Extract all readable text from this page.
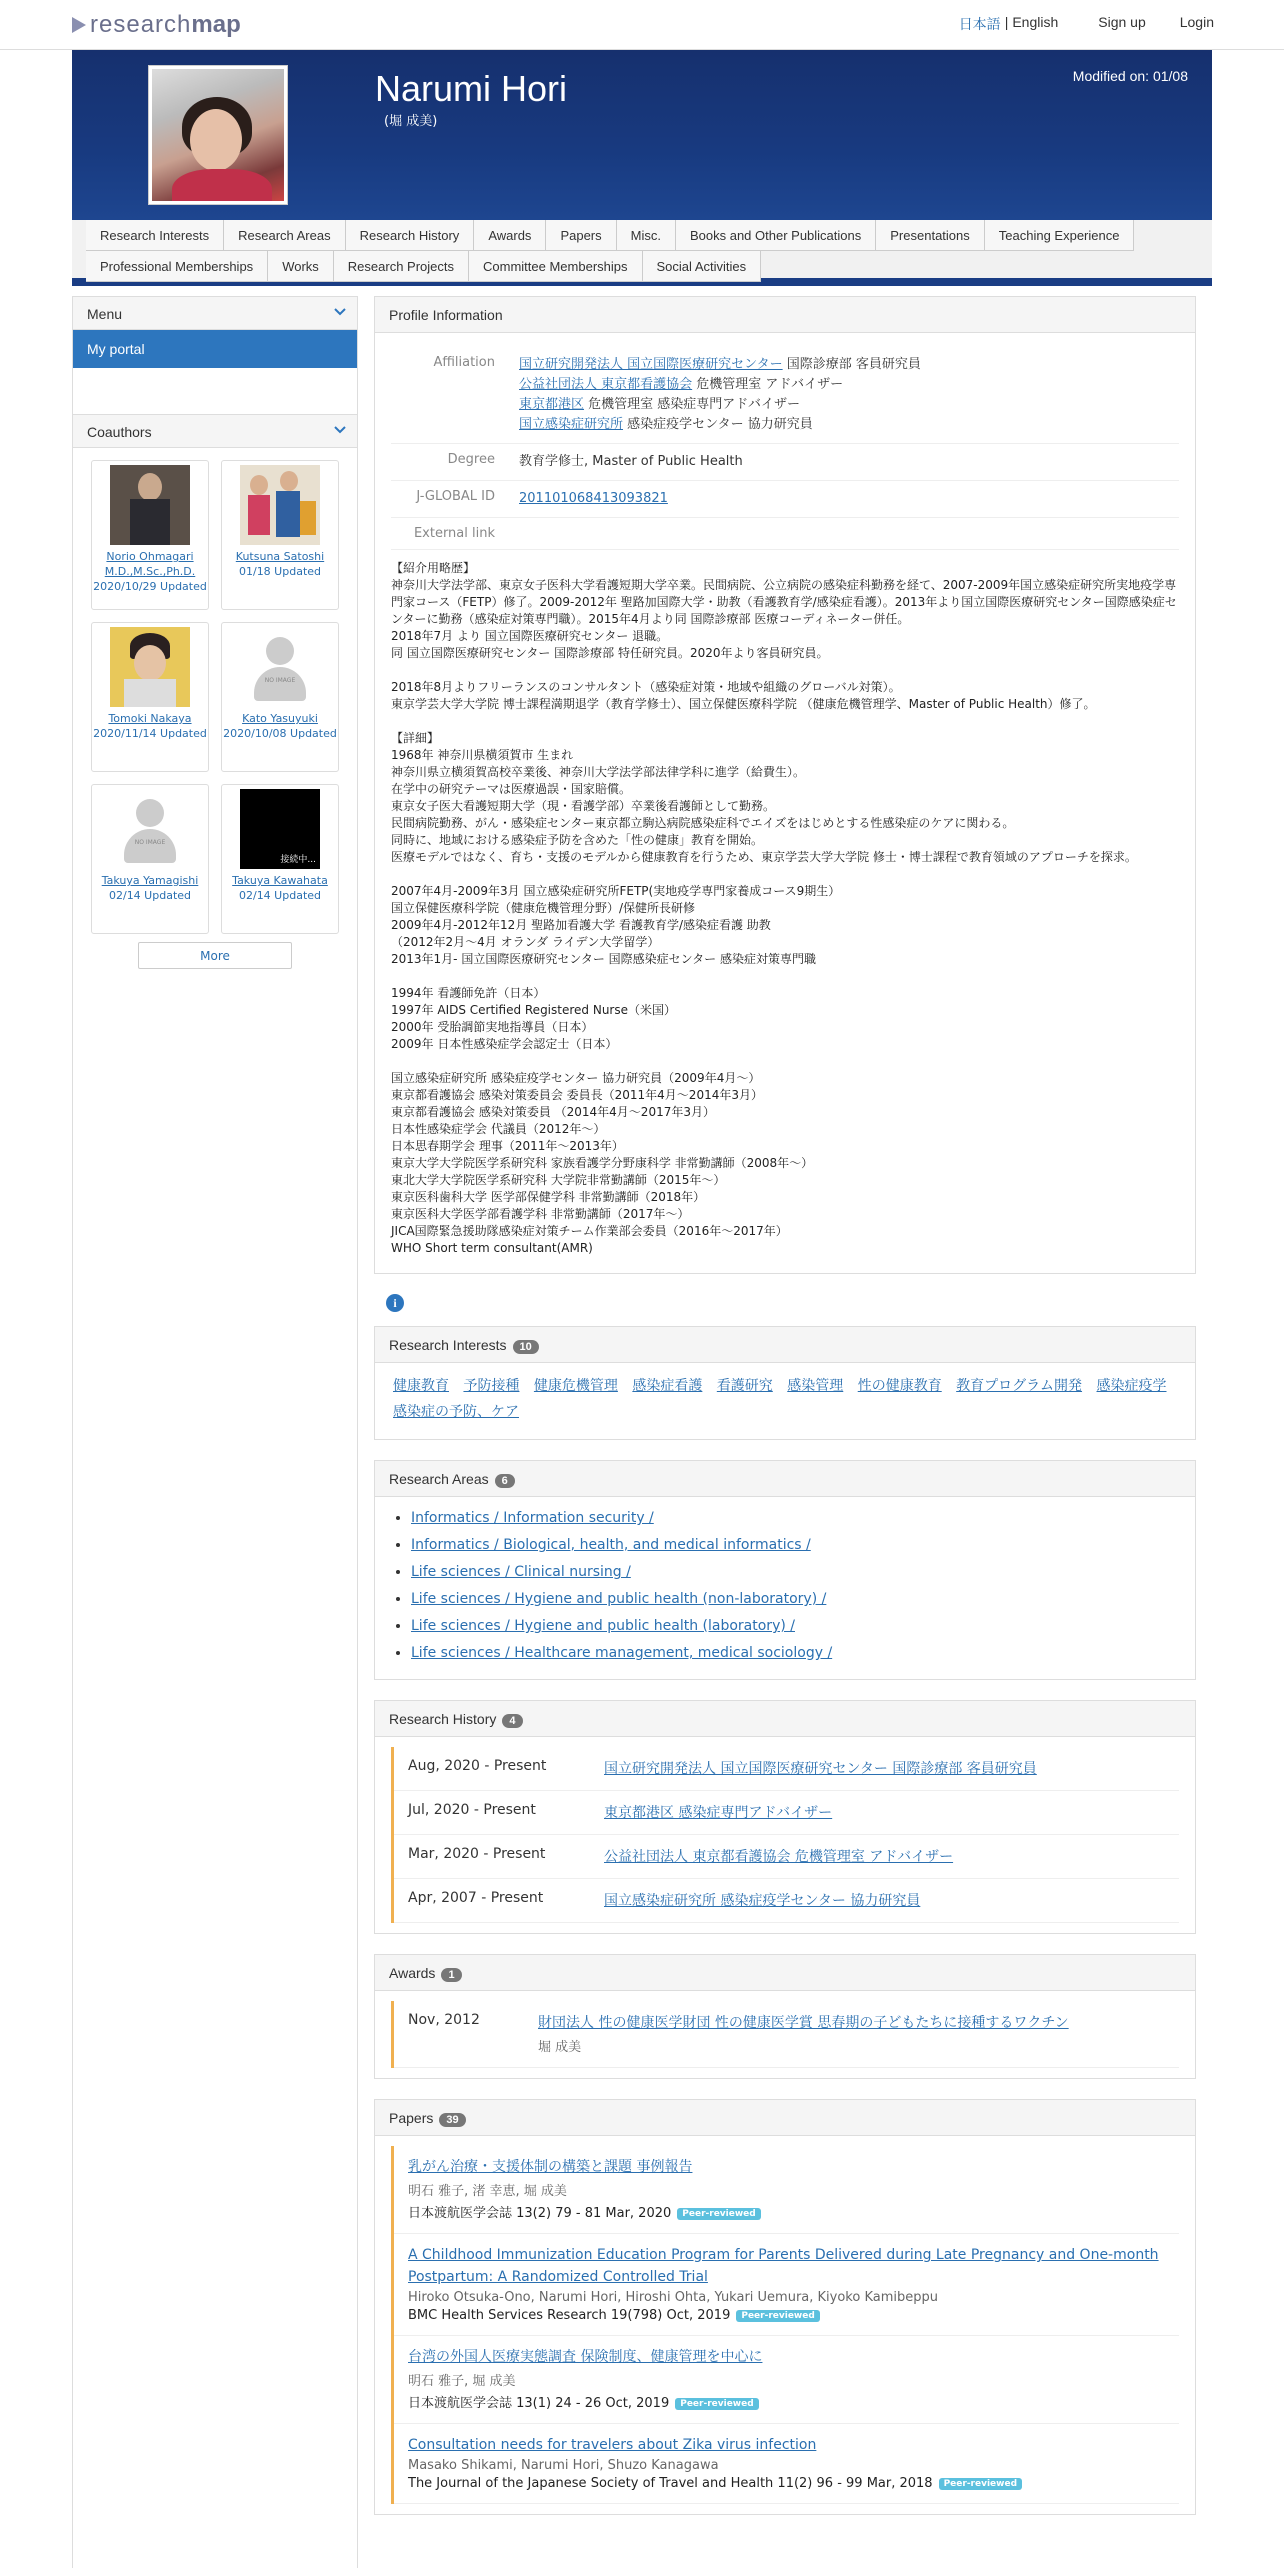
research map	日本語 | English	Sign up Login
Narumi Hori
(堀 成美)
Modified on: 01/08
Research Interests	Research Areas	Research History	Awards	Papers	Misc.	Books and Other Publications	Presentations	Teaching Experience
Professional Memberships	Works	Research Projects	Committee Memberships	Social Activities
Menu
My portal
Coauthors
Norio Ohmagari M.D.,M.Sc.,Ph.D.
2020/10/29 Updated
Kutsuna Satoshi
01/18 Updated
Tomoki Nakaya
2020/11/14 Updated
NO IMAGE
Kato Yasuyuki
2020/10/08 Updated
NO IMAGE
Takuya Yamagishi
02/14 Updated
接続中...
Takuya Kawahata
02/14 Updated
More
Profile Information
Affiliation	国立研究開発法人 国立国際医療研究センター 国際診療部 客員研究員
公益社団法人 東京都看護協会 危機管理室 アドバイザー
東京都港区 危機管理室 感染症専門アドバイザー
国立感染症研究所 感染症疫学センター 協力研究員
Degree	教育学修士, Master of Public Health
J-GLOBAL ID	201101068413093821
External link
【紹介用略歴】
神奈川大学法学部、東京女子医科大学看護短期大学卒業。民間病院、公立病院の感染症科勤務を経て、2007-2009年国立感染症研究所実地疫学専門家コース（FETP）修了。2009-2012年 聖路加国際大学・助教（看護教育学/感染症看護）。2013年より国立国際医療研究センター国際感染症センターに勤務（感染症対策専門職）。2015年4月より同 国際診療部 医療コーディネーター併任。
2018年7月 より 国立国際医療研究センター 退職。
同 国立国際医療研究センター 国際診療部 特任研究員。2020年より客員研究員。

2018年8月よりフリーランスのコンサルタント（感染症対策・地域や組織のグローバル対策）。
東京学芸大学大学院 博士課程満期退学（教育学修士）、国立保健医療科学院 （健康危機管理学、Master of Public Health）修了。

【詳細】
1968年 神奈川県横須賀市 生まれ
神奈川県立横須賀高校卒業後、神奈川大学法学部法律学科に進学（給費生）。
在学中の研究テーマは医療過誤・国家賠償。
東京女子医大看護短期大学（現・看護学部）卒業後看護師として勤務。
民間病院勤務、がん・感染症センター東京都立駒込病院感染症科でエイズをはじめとする性感染症のケアに関わる。
同時に、地域における感染症予防を含めた「性の健康」教育を開始。
医療モデルではなく、育ち・支援のモデルから健康教育を行うため、東京学芸大学大学院 修士・博士課程で教育領域のアプローチを探求。

2007年4月-2009年3月 国立感染症研究所FETP(実地疫学専門家養成コース9期生）
国立保健医療科学院（健康危機管理分野）/保健所長研修
2009年4月-2012年12月 聖路加看護大学 看護教育学/感染症看護 助教
（2012年2月～4月 オランダ ライデン大学留学）
2013年1月- 国立国際医療研究センター 国際感染症センター 感染症対策専門職

1994年 看護師免許（日本）
1997年 AIDS Certified Registered Nurse（米国）
2000年 受胎調節実地指導員（日本）
2009年 日本性感染症学会認定士（日本）

国立感染症研究所 感染症疫学センター 協力研究員（2009年4月～）
東京都看護協会 感染対策委員会 委員長（2011年4月～2014年3月）
東京都看護協会 感染対策委員 （2014年4月～2017年3月）
日本性感染症学会 代議員（2012年～）
日本思春期学会 理事（2011年～2013年）
東京大学大学院医学系研究科 家族看護学分野康科学 非常勤講師（2008年〜）
東北大学大学院医学系研究科 大学院非常勤講師（2015年～）
東京医科歯科大学 医学部保健学科 非常勤講師（2018年）
東京医科大学医学部看護学科 非常勤講師（2017年〜）
JICA国際緊急援助隊感染症対策チーム作業部会委員（2016年～2017年）
WHO Short term consultant(AMR)
i
Research Interests 10
健康教育 予防接種 健康危機管理 感染症看護 看護研究 感染管理 性の健康教育 教育プログラム開発 感染症疫学 感染症の予防、ケア
Research Areas 6
• Informatics / Information security /
• Informatics / Biological, health, and medical informatics /
• Life sciences / Clinical nursing /
• Life sciences / Hygiene and public health (non-laboratory) /
• Life sciences / Hygiene and public health (laboratory) /
• Life sciences / Healthcare management, medical sociology /
Research History 4
Aug, 2020 - Present	国立研究開発法人 国立国際医療研究センター 国際診療部 客員研究員
Jul, 2020 - Present	東京都港区 感染症専門アドバイザー
Mar, 2020 - Present	公益社団法人 東京都看護協会 危機管理室 アドバイザー
Apr, 2007 - Present	国立感染症研究所 感染症疫学センター 協力研究員
Awards 1
Nov, 2012	財団法人 性の健康医学財団 性の健康医学賞 思春期の子どもたちに接種するワクチン
堀 成美
Papers 39
乳がん治療・支援体制の構築と課題 事例報告
明石 雅子, 渚 幸恵, 堀 成美
日本渡航医学会誌 13(2) 79 - 81 Mar, 2020 Peer-reviewed
A Childhood Immunization Education Program for Parents Delivered during Late Pregnancy and One-month Postpartum: A Randomized Controlled Trial
Hiroko Otsuka-Ono, Narumi Hori, Hiroshi Ohta, Yukari Uemura, Kiyoko Kamibeppu
BMC Health Services Research 19(798) Oct, 2019 Peer-reviewed
台湾の外国人医療実態調査 保険制度、健康管理を中心に
明石 雅子, 堀 成美
日本渡航医学会誌 13(1) 24 - 26 Oct, 2019 Peer-reviewed
Consultation needs for travelers about Zika virus infection
Masako Shikami, Narumi Hori, Shuzo Kanagawa
The Journal of the Japanese Society of Travel and Health 11(2) 96 - 99 Mar, 2018 Peer-reviewed
